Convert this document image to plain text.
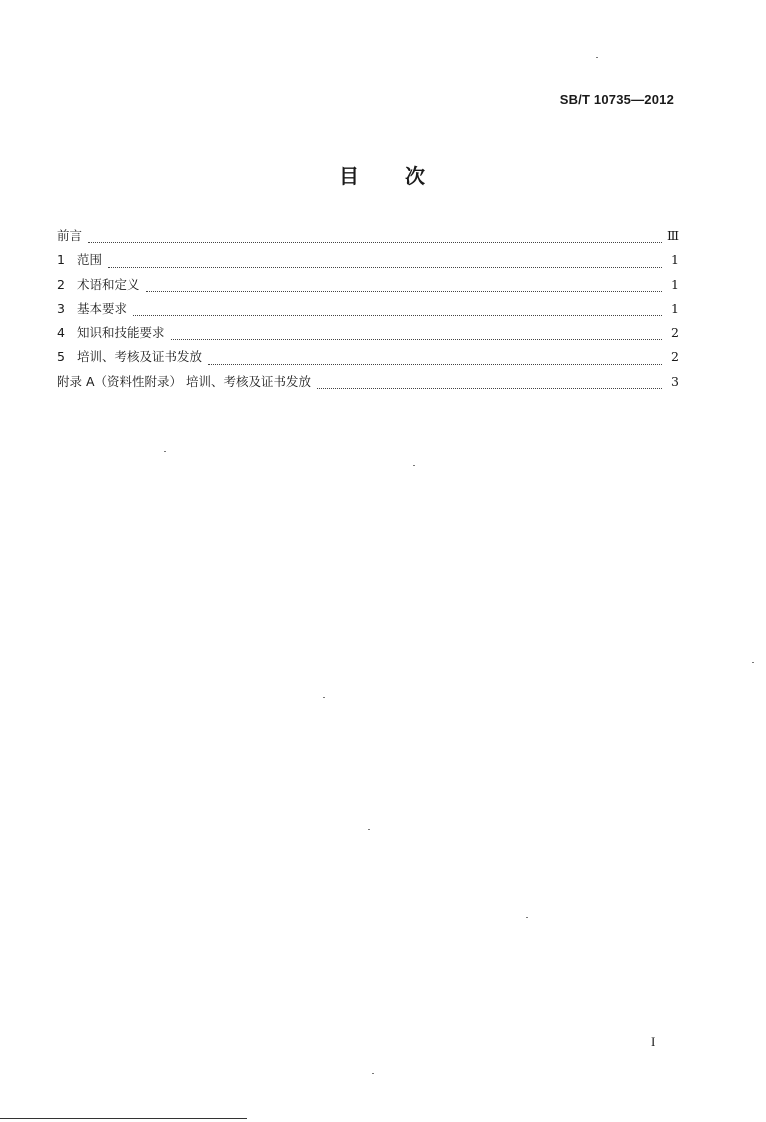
SB/T 10735—2012
目 次
前言	Ⅲ
1 范围	1
2 术语和定义	1
3 基本要求	1
4 知识和技能要求	2
5 培训、考核及证书发放	2
附录 A（资料性附录） 培训、考核及证书发放	3
I
